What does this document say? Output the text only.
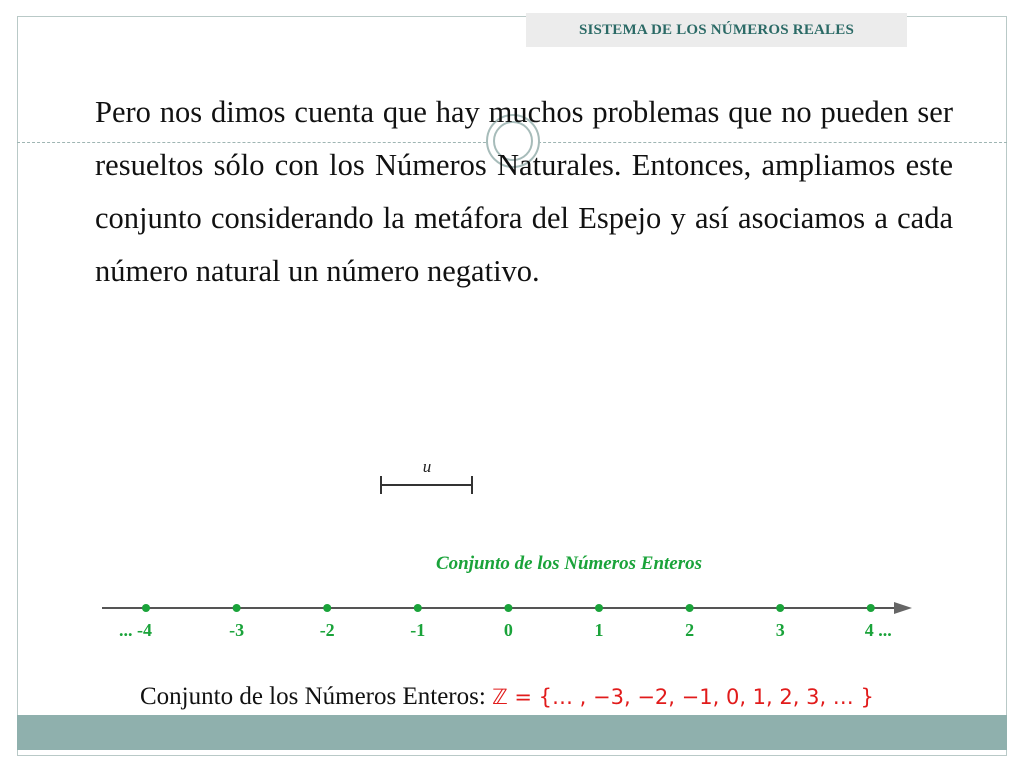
SISTEMA DE LOS NÚMEROS REALES
Pero nos dimos cuenta que hay muchos problemas que no pueden ser resueltos sólo con los Números Naturales. Entonces, ampliamos este conjunto considerando la metáfora del Espejo y así asociamos a cada número natural un número negativo.
u
Conjunto de los Números Enteros
... -4	-3	-2	-1	0	1	2	3	4 ...
Conjunto de los Números Enteros: ℤ = {… , −3, −2, −1, 0, 1, 2, 3, … }
